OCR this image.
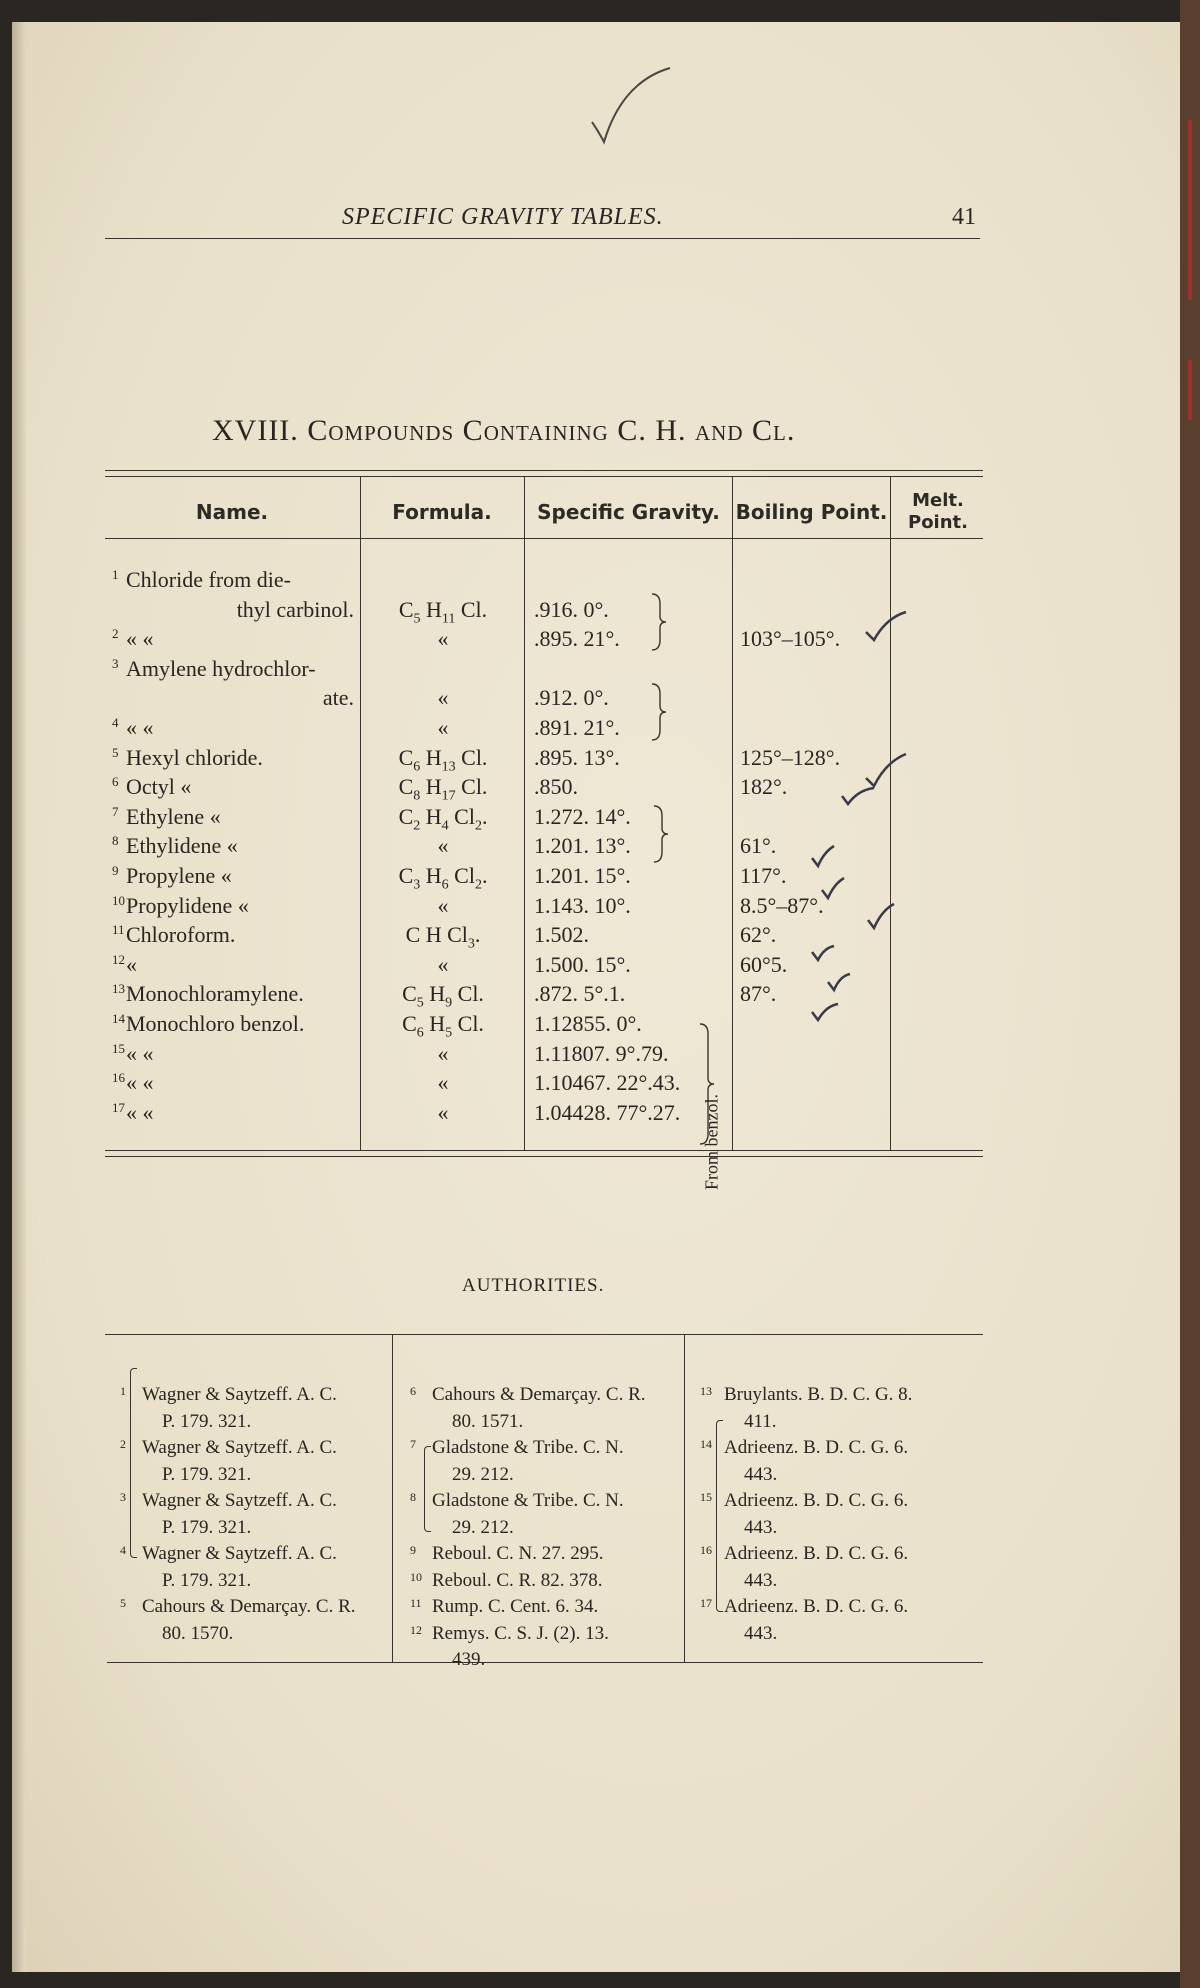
SPECIFIC GRAVITY TABLES.	41
XVIII. Compounds Containing C. H. and Cl.
Name.	Formula.	Specific Gravity. Boiling Point.	Melt.
Point.
1 Chloride from die-
thyl carbinol.	$C_5$ $H_{11}$ Cl.	.916. 0°.
2 « «	«	.895. 21°.	103°–105°.
3 Amylene hydrochlor-
ate.	«	.912. 0°.
4 « «	«	.891. 21°.
5 Hexyl chloride.	$C_6$ $H_{13}$ Cl.	.895. 13°.	125°–128°.
6 Octyl «	$C_8$ $H_{17}$ Cl.	.850.	182°.
7 Ethylene «	$C_2$ $H_4$ $Cl_2$.	1.272. 14°.
8 Ethylidene «	«	1.201. 13°.	61°.
9 Propylene «	$C_3$ $H_6$ $Cl_2$.	1.201. 15°.	117°.
10 Propylidene «	«	1.143. 10°.	8.5°–87°.
11 Chloroform.	C H $Cl_3$.	1.502.	62°.
12 «	«	1.500. 15°.	60°5.
13 Monochloramylene.	$C_5$ $H_9$ Cl.	.872. 5°.1.	87°.
14 Monochloro benzol.	$C_6$ $H_5$ Cl.	1.12855. 0°.
15 « «	«	1.11807. 9°.79.
16 « «	«	1.10467. 22°.43.
17 « «	«	1.04428. 77°.27. From benzol.
AUTHORITIES.
1 Wagner & Saytzeff. A. C.
P. 179. 321.
2 Wagner & Saytzeff. A. C.
P. 179. 321.
3 Wagner & Saytzeff. A. C.
P. 179. 321.
4 Wagner & Saytzeff. A. C.
P. 179. 321.
5 Cahours & Demarçay. C. R.
80. 1570.
6 Cahours & Demarçay. C. R.
80. 1571.
7 Gladstone & Tribe. C. N.
29. 212.
8 Gladstone & Tribe. C. N.
29. 212.
9 Reboul. C. N. 27. 295.
10 Reboul. C. R. 82. 378.
11 Rump. C. Cent. 6. 34.
12 Remys. C. S. J. (2). 13.
439.
13 Bruylants. B. D. C. G. 8.
411.
14 Adrieenz. B. D. C. G. 6.
443.
15 Adrieenz. B. D. C. G. 6.
443.
16 Adrieenz. B. D. C. G. 6.
443.
17 Adrieenz. B. D. C. G. 6.
443.
